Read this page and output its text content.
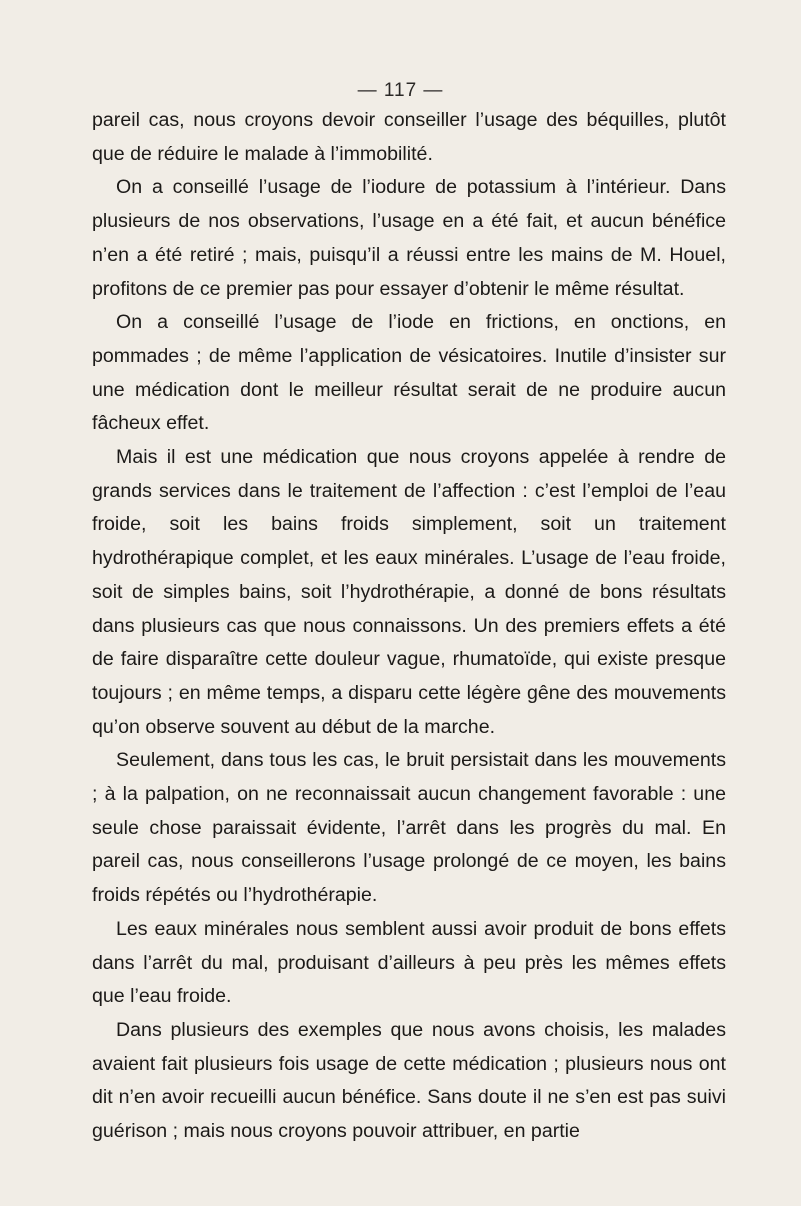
— 117 —

pareil cas, nous croyons devoir conseiller l’usage des béquilles, plutôt que de réduire le malade à l’immobilité.

On a conseillé l’usage de l’iodure de potassium à l’intérieur. Dans plusieurs de nos observations, l’usage en a été fait, et aucun bénéfice n’en a été retiré ; mais, puisqu’il a réussi entre les mains de M. Houel, profitons de ce premier pas pour essayer d’obtenir le même résultat.

On a conseillé l’usage de l’iode en frictions, en onctions, en pommades ; de même l’application de vésicatoires. Inutile d’insister sur une médication dont le meilleur résultat serait de ne produire aucun fâcheux effet.

Mais il est une médication que nous croyons appelée à rendre de grands services dans le traitement de l’affection : c’est l’emploi de l’eau froide, soit les bains froids simplement, soit un traitement hydrothérapique complet, et les eaux minérales. L’usage de l’eau froide, soit de simples bains, soit l’hydrothérapie, a donné de bons résultats dans plusieurs cas que nous connaissons. Un des premiers effets a été de faire disparaître cette douleur vague, rhumatoïde, qui existe presque toujours ; en même temps, a disparu cette légère gêne des mouvements qu’on observe souvent au début de la marche.

Seulement, dans tous les cas, le bruit persistait dans les mouvements ; à la palpation, on ne reconnaissait aucun changement favorable : une seule chose paraissait évidente, l’arrêt dans les progrès du mal. En pareil cas, nous conseillerons l’usage prolongé de ce moyen, les bains froids répétés ou l’hydrothérapie.

Les eaux minérales nous semblent aussi avoir produit de bons effets dans l’arrêt du mal, produisant d’ailleurs à peu près les mêmes effets que l’eau froide.

Dans plusieurs des exemples que nous avons choisis, les malades avaient fait plusieurs fois usage de cette médication ; plusieurs nous ont dit n’en avoir recueilli aucun bénéfice. Sans doute il ne s’en est pas suivi guérison ; mais nous croyons pouvoir attribuer, en partie
